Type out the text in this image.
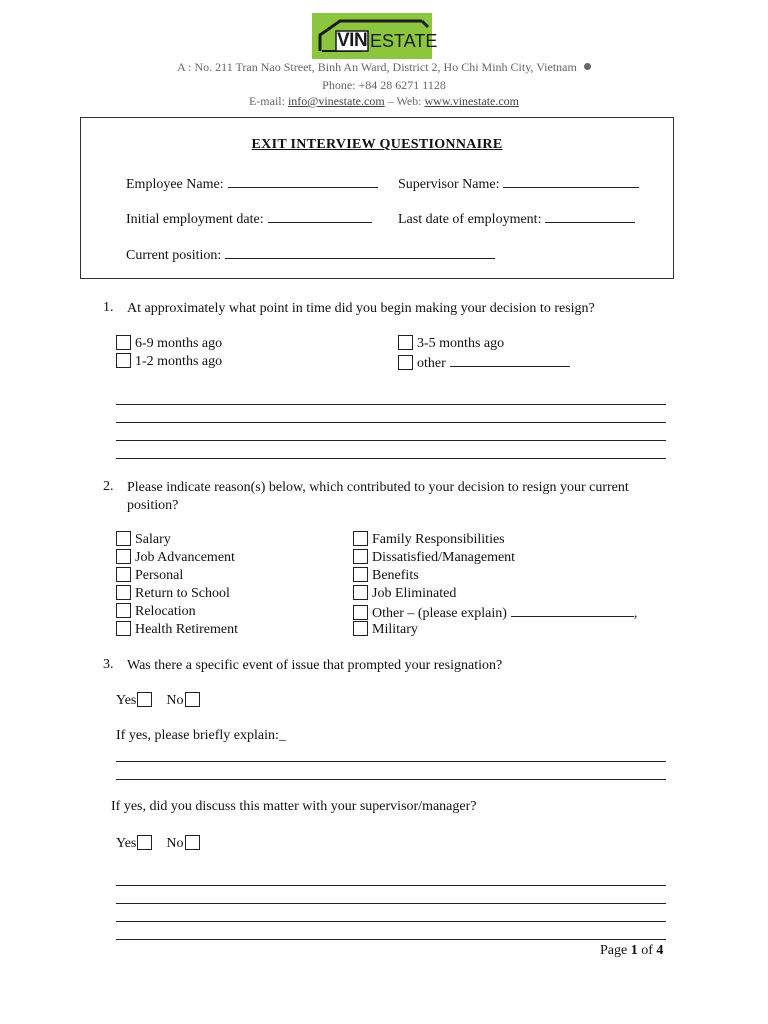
VIN ESTATE
A : No. 211 Tran Nao Street, Binh An Ward, District 2, Ho Chi Minh City, Vietnam
Phone: +84 28 6271 1128
E-mail: info@vinestate.com – Web: www.vinestate.com
EXIT INTERVIEW QUESTIONNAIRE
Employee Name:	Supervisor Name:
Initial employment date:	Last date of employment:
Current position:
1. At approximately what point in time did you begin making your decision to resign?
6-9 months ago
1-2 months ago
3-5 months ago
other
2. Please indicate reason(s) below, which contributed to your decision to resign your current position?
Salary
Job Advancement
Personal
Return to School
Relocation
Health Retirement
Family Responsibilities
Dissatisfied/Management
Benefits
Job Eliminated
Other – (please explain)	,
Military
3. Was there a specific event of issue that prompted your resignation?
Yes No
If yes, please briefly explain:_
If yes, did you discuss this matter with your supervisor/manager?
Yes No
Page 1 of 4
